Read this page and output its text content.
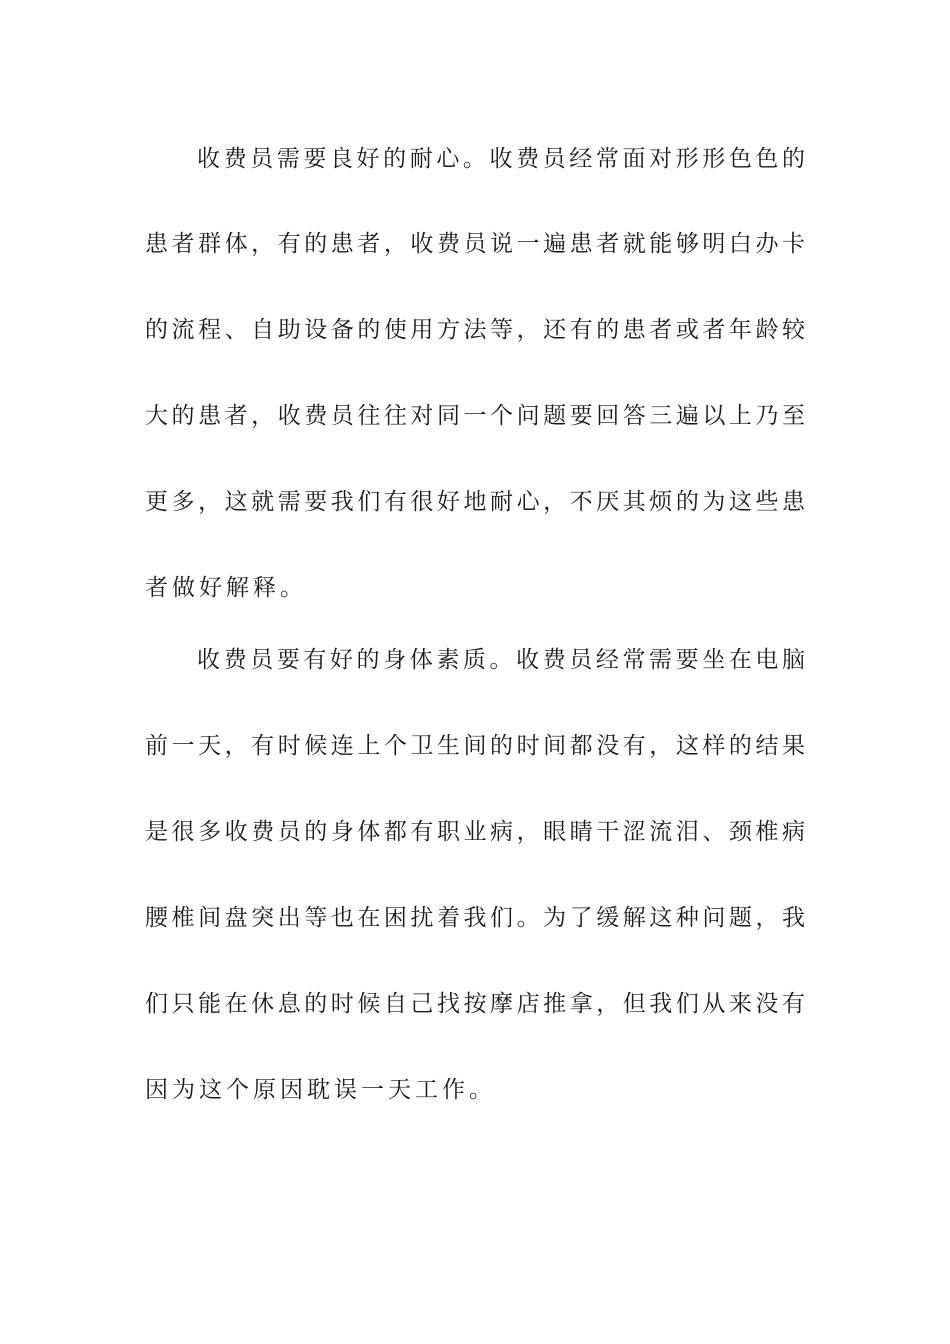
收费员需要良好的耐心。收费员经常面对形形色色的
患者群体，有的患者，收费员说一遍患者就能够明白办卡
的流程、自助设备的使用方法等，还有的患者或者年龄较
大的患者，收费员往往对同一个问题要回答三遍以上乃至
更多，这就需要我们有很好地耐心，不厌其烦的为这些患
者做好解释。
收费员要有好的身体素质。收费员经常需要坐在电脑
前一天，有时候连上个卫生间的时间都没有，这样的结果
是很多收费员的身体都有职业病，眼睛干涩流泪、颈椎病
腰椎间盘突出等也在困扰着我们。为了缓解这种问题，我
们只能在休息的时候自己找按摩店推拿，但我们从来没有
因为这个原因耽误一天工作。
